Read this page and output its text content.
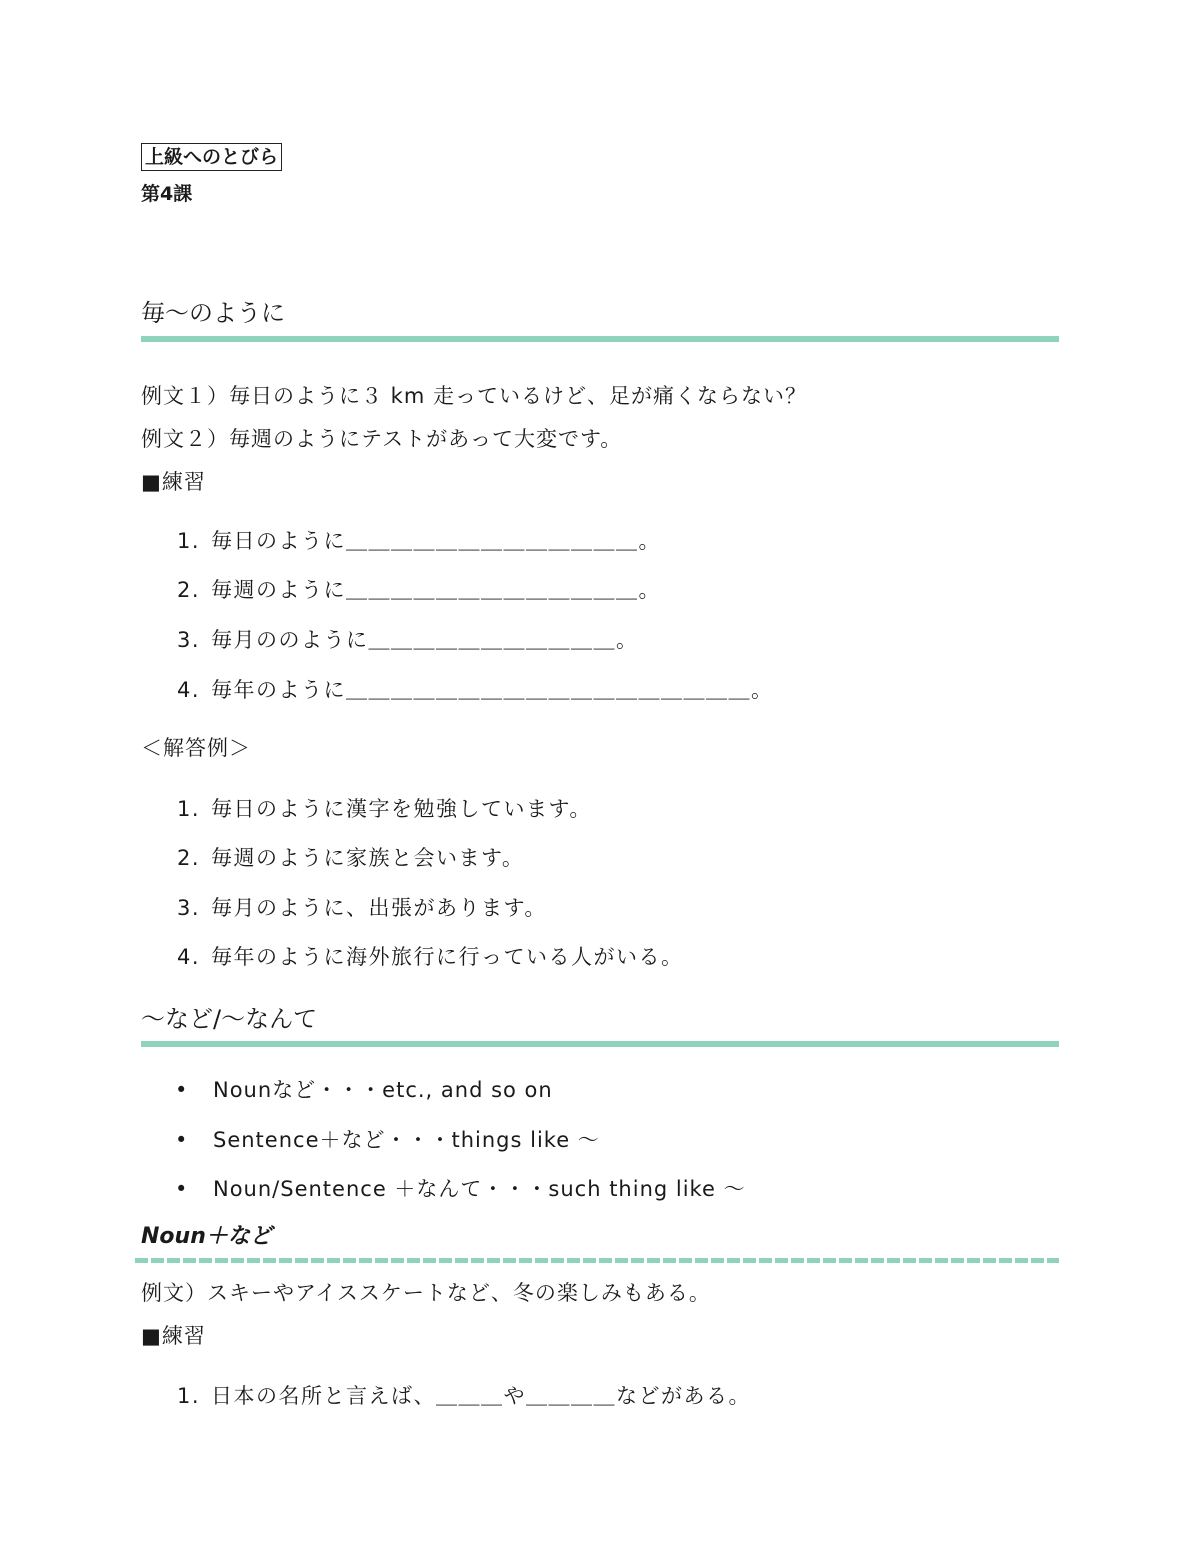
上級へのとびら
第4課
毎〜のように
例文１）毎日のように３ km 走っているけど、足が痛くならない？
例文２）毎週のようにテストがあって大変です。
■練習
1. 毎日のように＿＿＿＿＿＿＿＿＿＿＿＿＿。
2. 毎週のように＿＿＿＿＿＿＿＿＿＿＿＿＿。
3. 毎月ののように＿＿＿＿＿＿＿＿＿＿＿。
4. 毎年のように＿＿＿＿＿＿＿＿＿＿＿＿＿＿＿＿＿＿。
＜解答例＞
1. 毎日のように漢字を勉強しています。
2. 毎週のように家族と会います。
3. 毎月のように、出張があります。
4. 毎年のように海外旅行に行っている人がいる。
〜など/〜なんて
• Nounなど・・・etc., and so on
• Sentence＋など・・・things like 〜
• Noun/Sentence ＋なんて・・・such thing like 〜
Noun＋など
例文）スキーやアイススケートなど、冬の楽しみもある。
■練習
1. 日本の名所と言えば、＿＿＿や＿＿＿＿などがある。
